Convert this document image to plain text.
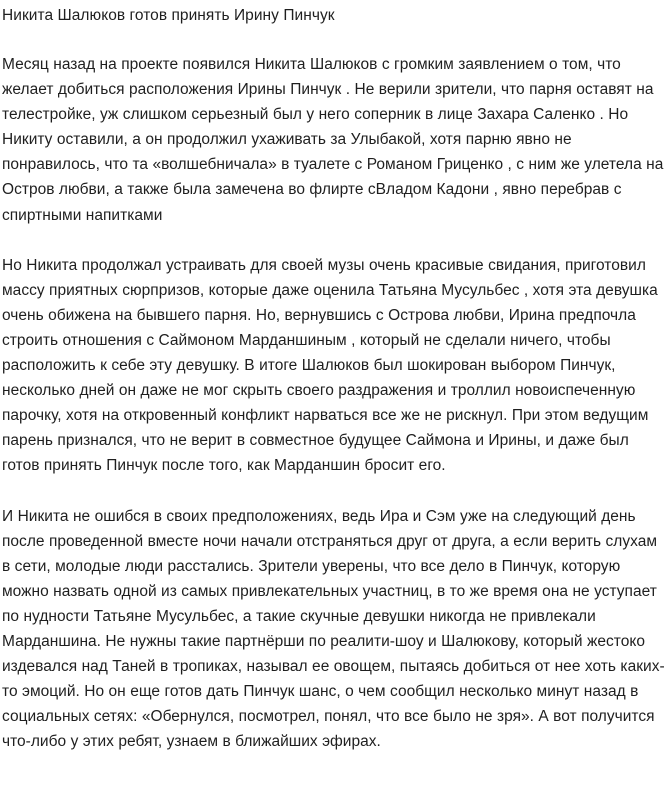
Никита Шалюков готов принять Ирину Пинчук

Месяц назад на проекте появился Никита Шалюков с громким заявлением о том, что желает добиться расположения Ирины Пинчук . Не верили зрители, что парня оставят на телестройке, уж слишком серьезный был у него соперник в лице Захара Саленко . Но Никиту оставили, а он продолжил ухаживать за Улыбакой, хотя парню явно не понравилось, что та «волшебничала» в туалете с Романом Гриценко , с ним же улетела на Остров любви, а также была замечена во флирте сВладом Кадони , явно перебрав с спиртными напитками

Но Никита продолжал устраивать для своей музы очень красивые свидания, приготовил массу приятных сюрпризов, которые даже оценила Татьяна Мусульбес , хотя эта девушка очень обижена на бывшего парня. Но, вернувшись с Острова любви, Ирина предпочла строить отношения с Саймоном Марданшиным , который не сделали ничего, чтобы расположить к себе эту девушку. В итоге Шалюков был шокирован выбором Пинчук, несколько дней он даже не мог скрыть своего раздражения и троллил новоиспеченную парочку, хотя на откровенный конфликт нарваться все же не рискнул. При этом ведущим парень признался, что не верит в совместное будущее Саймона и Ирины, и даже был готов принять Пинчук после того, как Марданшин бросит его.

И Никита не ошибся в своих предположениях, ведь Ира и Сэм уже на следующий день после проведенной вместе ночи начали отстраняться друг от друга, а если верить слухам в сети, молодые люди расстались. Зрители уверены, что все дело в Пинчук, которую можно назвать одной из самых привлекательных участниц, в то же время она не уступает по нудности Татьяне Мусульбес, а такие скучные девушки никогда не привлекали Марданшина. Не нужны такие партнёрши по реалити-шоу и Шалюкову, который жестоко издевался над Таней в тропиках, называл ее овощем, пытаясь добиться от нее хоть каких-то эмоций. Но он еще готов дать Пинчук шанс, о чем сообщил несколько минут назад в социальных сетях: «Обернулся, посмотрел, понял, что все было не зря». А вот получится что-либо у этих ребят, узнаем в ближайших эфирах.
